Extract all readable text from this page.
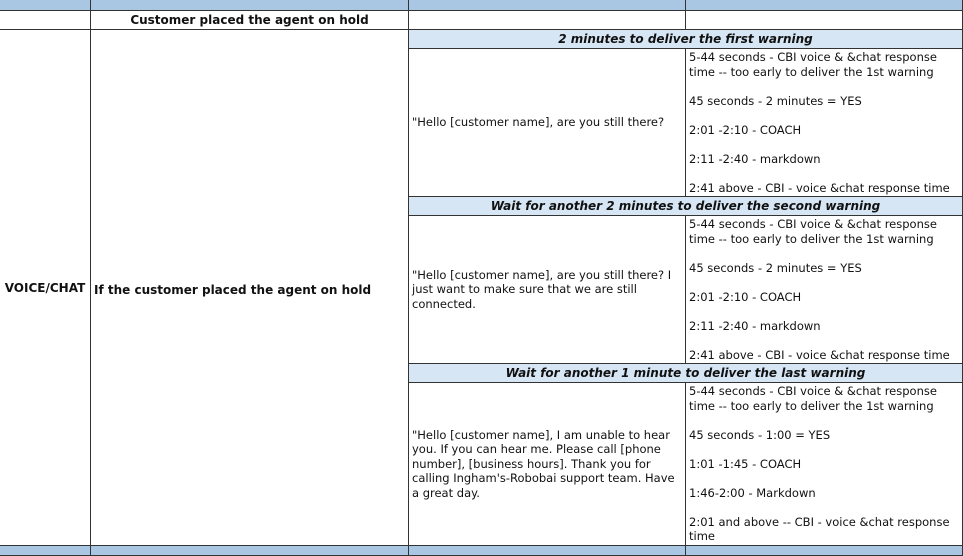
Customer placed the agent on hold
VOICE/CHAT If the customer placed the agent on hold
2 minutes to deliver the first warning
"Hello [customer name], are you still there?

5-44 seconds - CBI voice & &chat response time -- too early to deliver the 1st warning

45 seconds - 2 minutes = YES

2:01 -2:10 - COACH

2:11 -2:40 - markdown

2:41 above - CBI - voice &chat response time

Wait for another 2 minutes to deliver the second warning
"Hello [customer name], are you still there? I just want to make sure that we are still connected.

5-44 seconds - CBI voice & &chat response time -- too early to deliver the 1st warning

45 seconds - 2 minutes = YES

2:01 -2:10 - COACH

2:11 -2:40 - markdown

2:41 above - CBI - voice &chat response time

Wait for another 1 minute to deliver the last warning
"Hello [customer name], I am unable to hear you. If you can hear me. Please call [phone number], [business hours]. Thank you for calling Ingham's-Robobai support team. Have a great day.

5-44 seconds - CBI voice & &chat response time -- too early to deliver the 1st warning

45 seconds - 1:00 = YES

1:01 -1:45 - COACH

1:46-2:00 - Markdown

2:01 and above -- CBI - voice &chat response time
